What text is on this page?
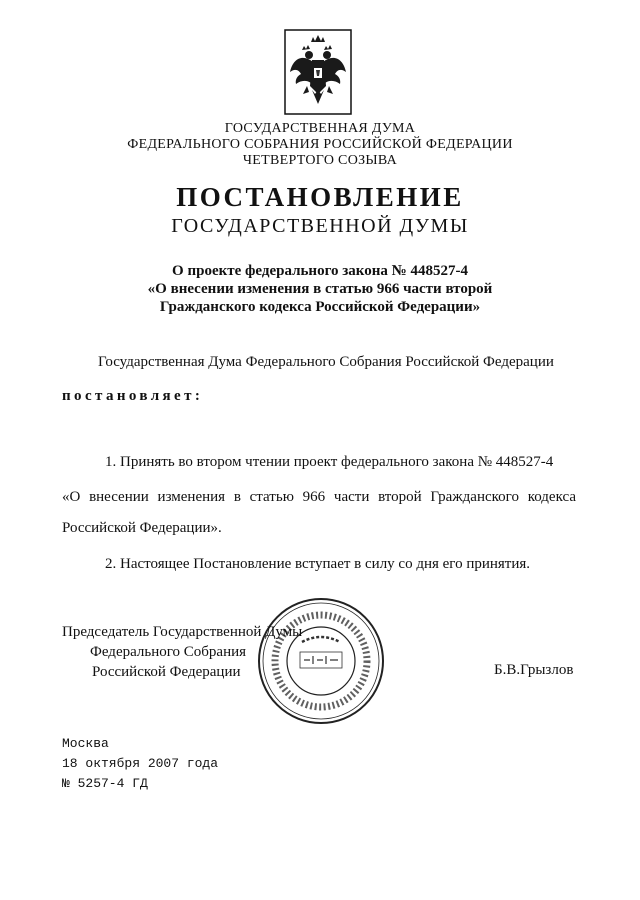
ГОСУДАРСТВЕННАЯ ДУМА
ФЕДЕРАЛЬНОГО СОБРАНИЯ РОССИЙСКОЙ ФЕДЕРАЦИИ
ЧЕТВЕРТОГО СОЗЫВА
ПОСТАНОВЛЕНИЕ
ГОСУДАРСТВЕННОЙ ДУМЫ
О проекте федерального закона № 448527-4
«О внесении изменения в статью 966 части второй
Гражданского кодекса Российской Федерации»
Государственная Дума Федерального Собрания Российской Федерации
постановляет:
1. Принять во втором чтении проект федерального закона № 448527-4
«О внесении изменения в статью 966 части второй Гражданского кодекса
Российской Федерации».
2. Настоящее Постановление вступает в силу со дня его принятия.
Председатель Государственной Думы
Федерального Собрания
Российской Федерации	Б.В.Грызлов
Москва
18 октября 2007 года
№ 5257-4 ГД
